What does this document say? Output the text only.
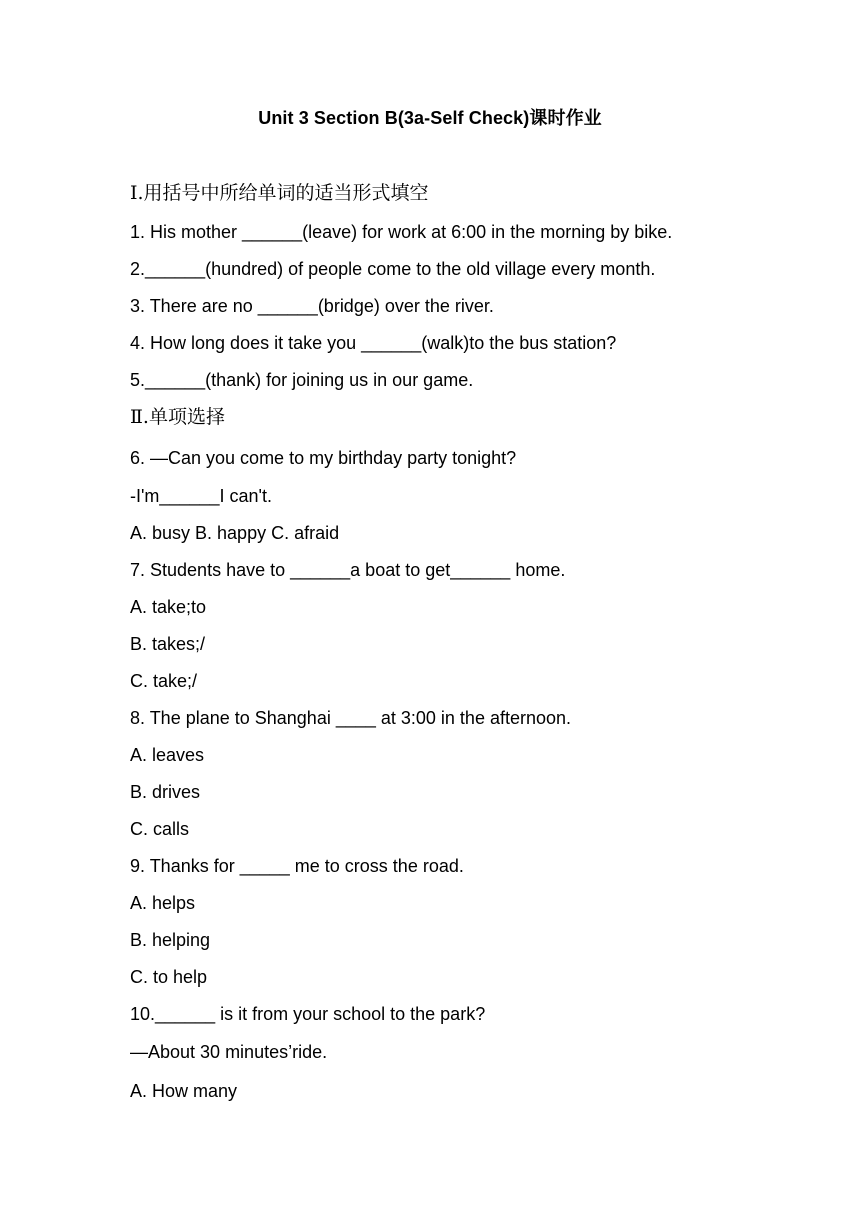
Unit 3 Section B(3a-Self Check)课时作业
Ⅰ.用括号中所给单词的适当形式填空
1. His mother ______(leave) for work at 6:00 in the morning by bike.
2.______(hundred) of people come to the old village every month.
3. There are no ______(bridge) over the river.
4. How long does it take you ______(walk)to the bus station?
5.______(thank) for joining us in our game.
Ⅱ.单项选择
6. —Can you come to my birthday party tonight?
-I'm______I can't.
A. busy B. happy C. afraid
7. Students have to ______a boat to get______ home.
A. take;to
B. takes;/
C. take;/
8. The plane to Shanghai ____ at 3:00 in the afternoon.
A. leaves
B. drives
C. calls
9. Thanks for _____ me to cross the road.
A. helps
B. helping
C. to help
10.______ is it from your school to the park?
—About 30 minutes’ride.
A. How many
